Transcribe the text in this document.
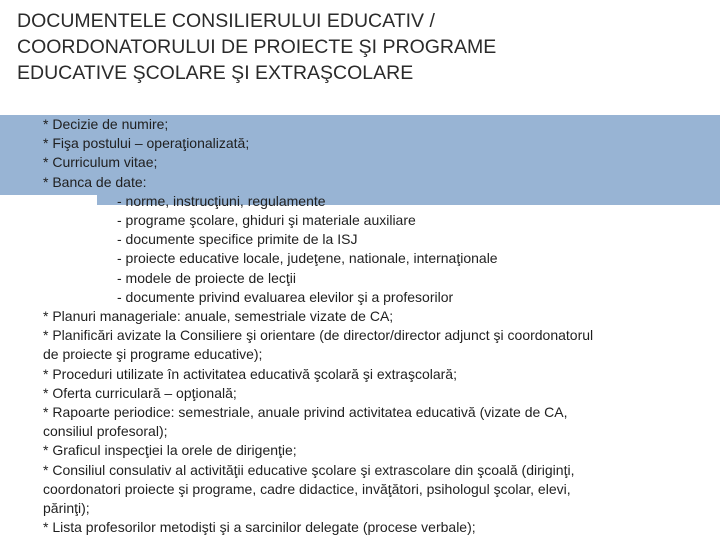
DOCUMENTELE CONSILIERULUI EDUCATIV /
COORDONATORULUI DE PROIECTE ŞI PROGRAME
EDUCATIVE ŞCOLARE ŞI EXTRAŞCOLARE
* Decizie de numire;
* Fişa postului – operaţionalizată;
* Curriculum vitae;
* Banca de date:
- norme, instrucţiuni, regulamente
- programe şcolare, ghiduri şi materiale auxiliare
- documente specifice primite de la ISJ
- proiecte educative locale, judeţene, nationale, internaţionale
- modele de proiecte de lecţii
- documente privind evaluarea elevilor şi a profesorilor
* Planuri manageriale: anuale, semestriale vizate de CA;
* Planificări avizate la Consiliere şi orientare (de director/director adjunct şi coordonatorul
de proiecte şi programe educative);
* Proceduri utilizate în activitatea educativă şcolară şi extraşcolară;
* Oferta curriculară – opţională;
* Rapoarte periodice: semestriale, anuale privind activitatea educativă (vizate de CA,
consiliul profesoral);
* Graficul inspecţiei la orele de dirigenţie;
* Consiliul consulativ al activităţii educative şcolare şi extrascolare din şcoală (diriginţi,
coordonatori proiecte şi programe, cadre didactice, invăţători, psihologul şcolar, elevi,
părinţi);
* Lista profesorilor metodişti şi a sarcinilor delegate (procese verbale);
